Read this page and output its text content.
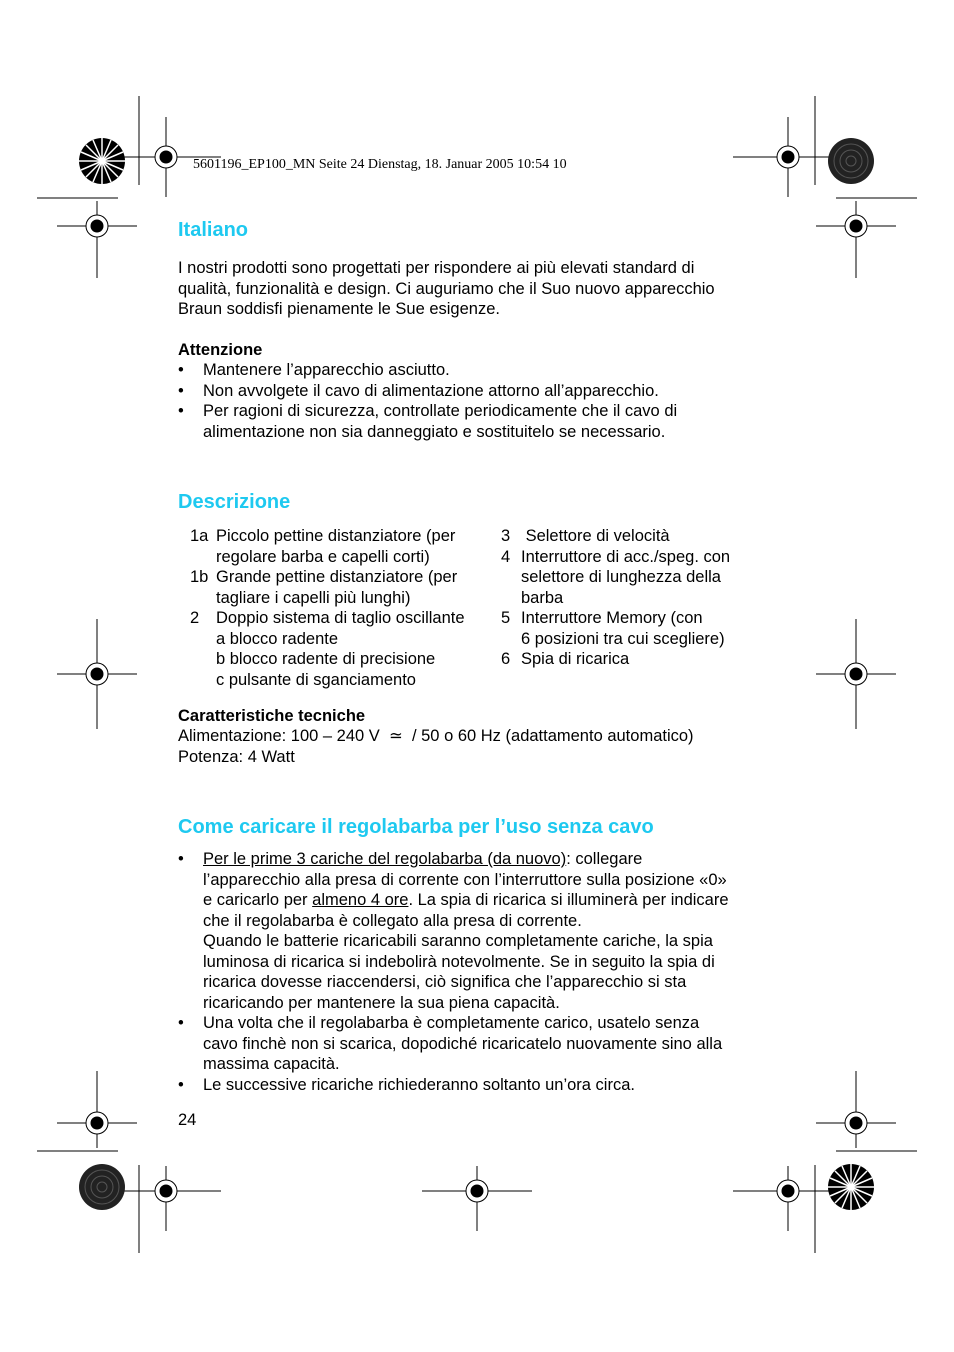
5601196_EP100_MN Seite 24 Dienstag, 18. Januar 2005 10:54 10
Italiano
I nostri prodotti sono progettati per rispondere ai più elevati standard di
qualità, funzionalità e design. Ci auguriamo che il Suo nuovo apparecchio
Braun soddisfi pienamente le Sue esigenze.
Attenzione
• Mantenere l’apparecchio asciutto.
• Non avvolgete il cavo di alimentazione attorno all’apparecchio.
• Per ragioni di sicurezza, controllate periodicamente che il cavo di
alimentazione non sia danneggiato e sostituitelo se necessario.
Descrizione
1a Piccolo pettine distanziatore (per
regolare barba e capelli corti)
1b Grande pettine distanziatore (per
tagliare i capelli più lunghi)
2	Doppio sistema di taglio oscillante
a blocco radente
b blocco radente di precisione
c pulsante di sganciamento
3 Selettore di velocità
4 Interruttore di acc./speg. con
selettore di lunghezza della
barba
5 Interruttore Memory (con
6 posizioni tra cui scegliere)
6 Spia di ricarica
Caratteristiche tecniche
Alimentazione: 100 – 240 V  ≃  / 50 o 60 Hz (adattamento automatico)
Potenza: 4 Watt
Come caricare il regolabarba per l’uso senza cavo
• Per le prime 3 cariche del regolabarba (da nuovo): collegare
l’apparecchio alla presa di corrente con l’interruttore sulla posizione «0»
e caricarlo per almeno 4 ore. La spia di ricarica si illuminerà per indicare
che il regolabarba è collegato alla presa di corrente.
Quando le batterie ricaricabili saranno completamente cariche, la spia
luminosa di ricarica si indebolirà notevolmente. Se in seguito la spia di
ricarica dovesse riaccendersi, ciò significa che l’apparecchio si sta
ricaricando per mantenere la sua piena capacità.
• Una volta che il regolabarba è completamente carico, usatelo senza
cavo finchè non si scarica, dopodiché ricaricatelo nuovamente sino alla
massima capacità.
• Le successive ricariche richiederanno soltanto un’ora circa.
24
